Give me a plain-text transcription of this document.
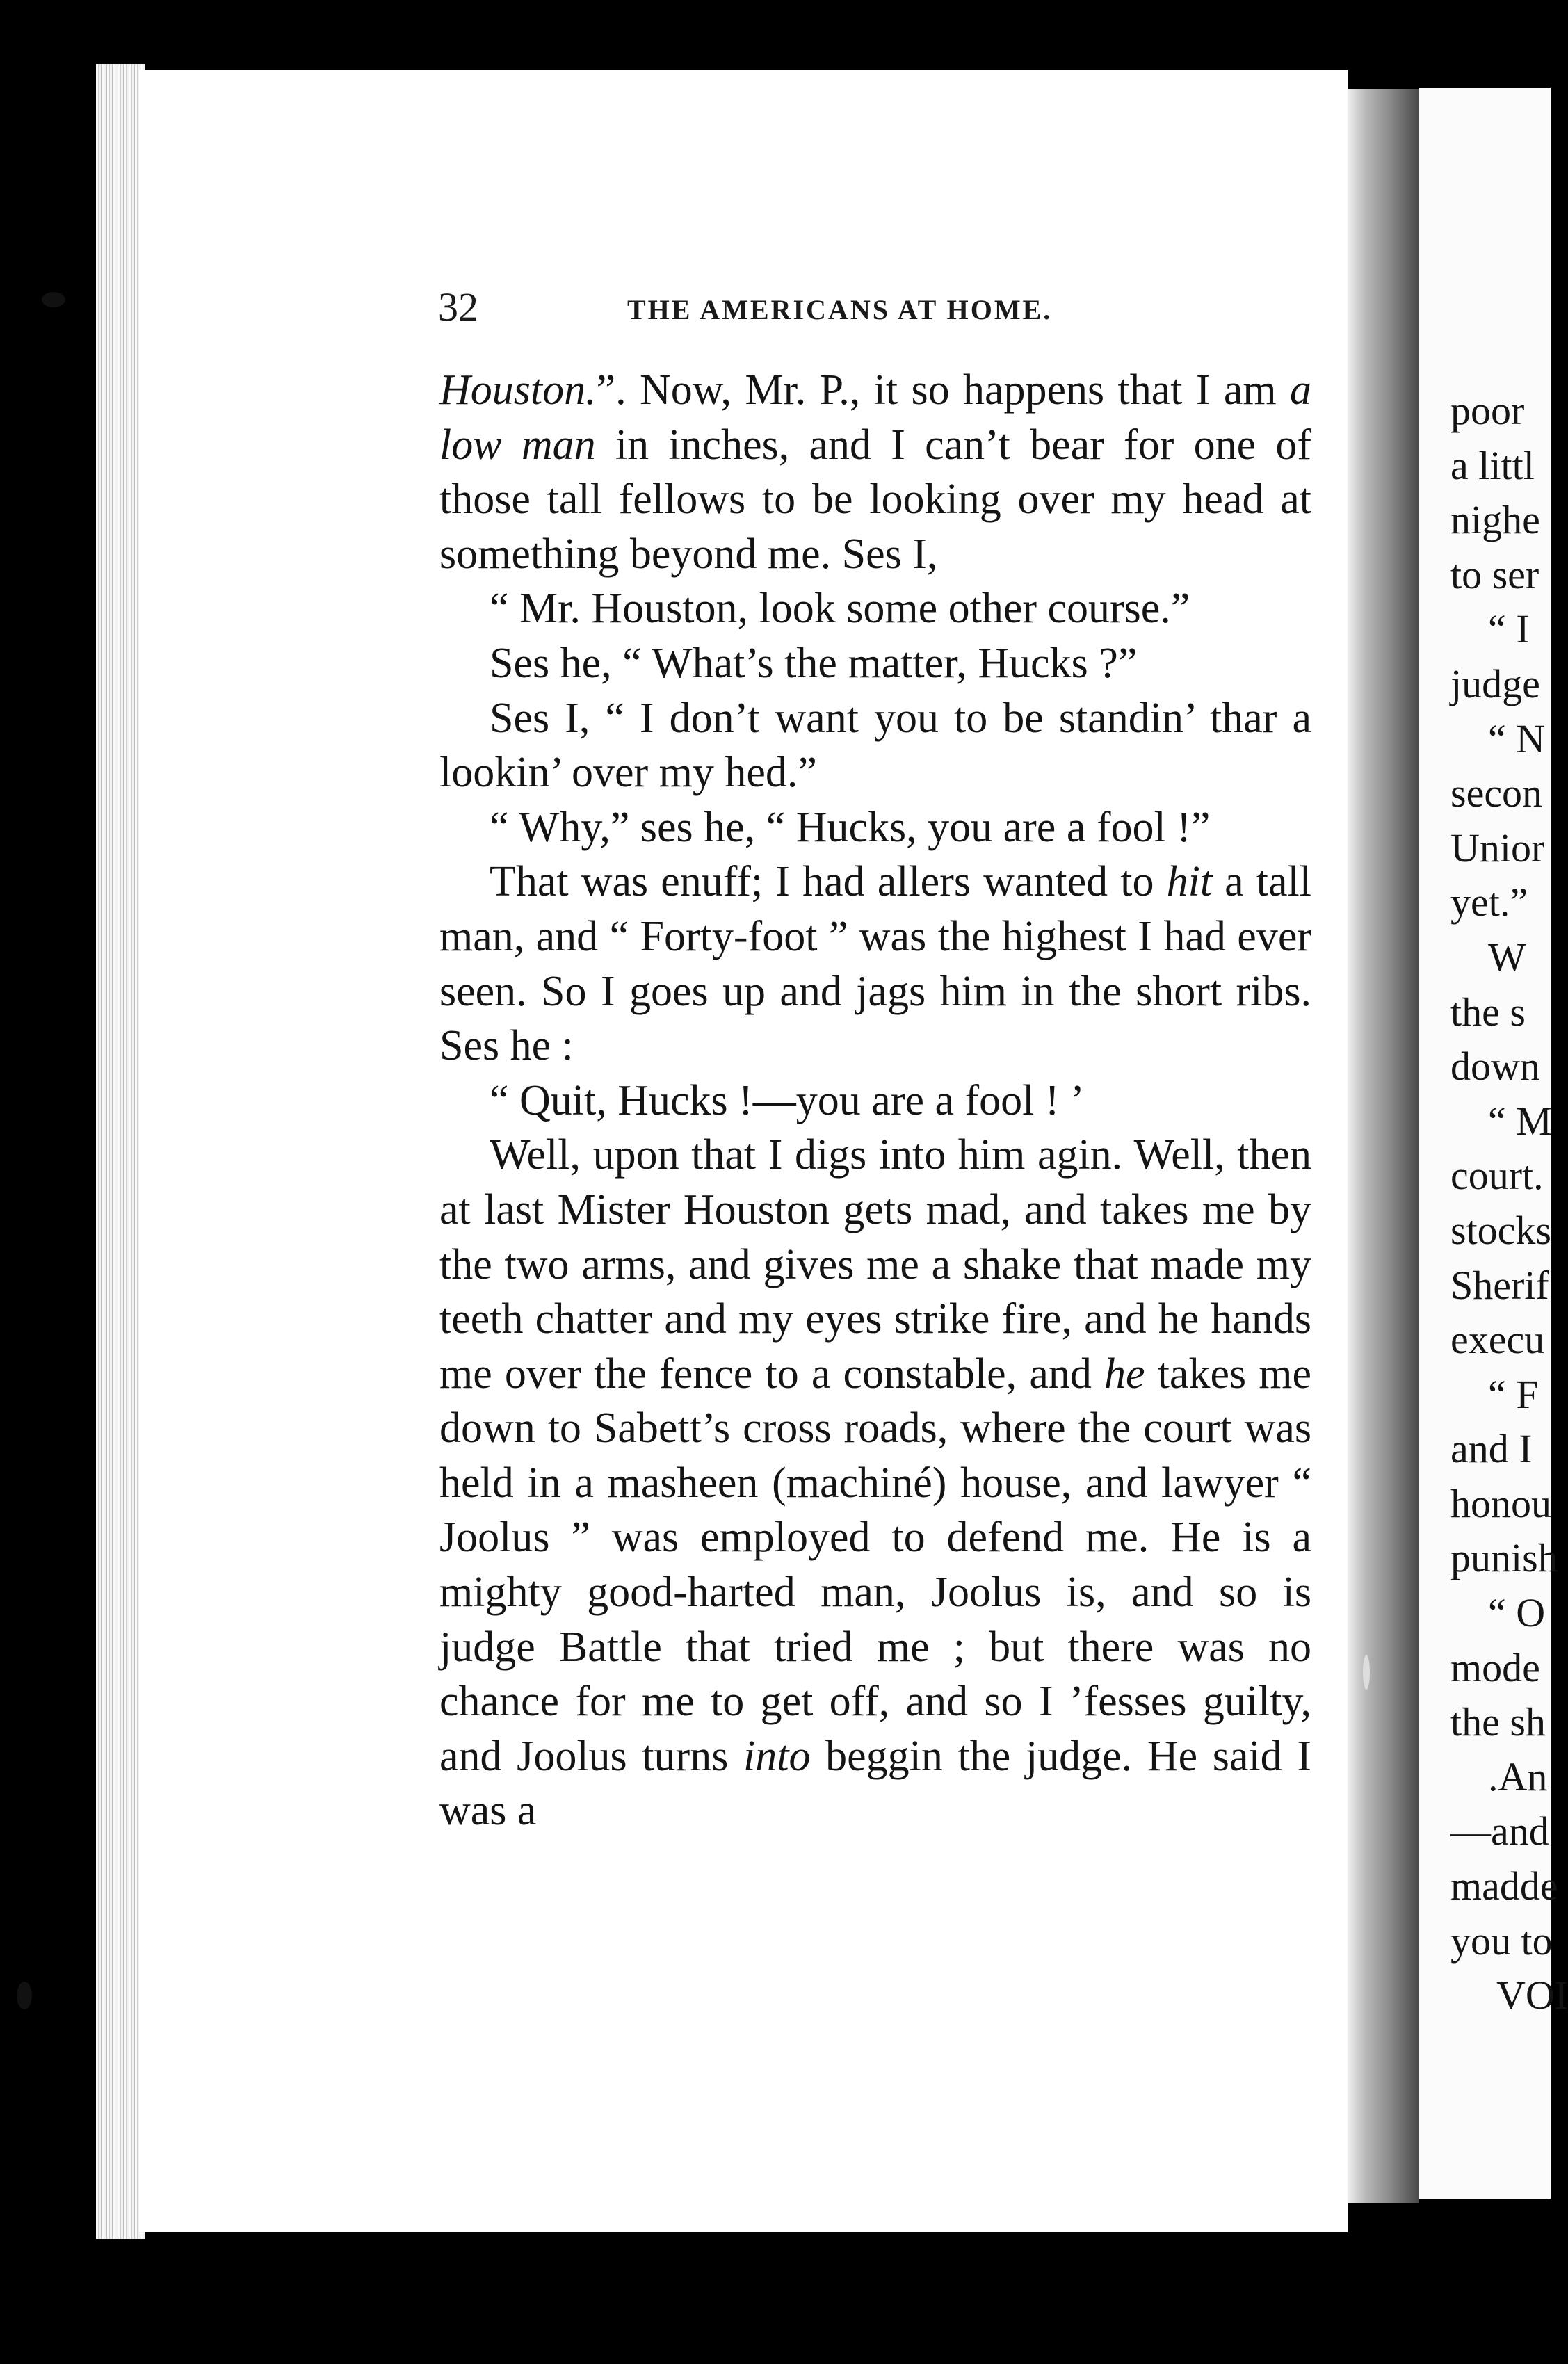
32	THE AMERICANS AT HOME.

Houston.”. Now, Mr. P., it so happens that I am a low man in inches, and I can’t bear for one of those tall fellows to be looking over my head at something beyond me. Ses I,

“ Mr. Houston, look some other course.”

Ses he, “ What’s the matter, Hucks ?”

Ses I, “ I don’t want you to be standin’ thar a lookin’ over my hed.”

“ Why,” ses he, “ Hucks, you are a fool !”

That was enuff; I had allers wanted to hit a tall man, and “ Forty-foot ” was the highest I had ever seen. So I goes up and jags him in the short ribs. Ses he :

“ Quit, Hucks !—you are a fool ! ’

Well, upon that I digs into him agin. Well, then at last Mister Houston gets mad, and takes me by the two arms, and gives me a shake that made my teeth chatter and my eyes strike fire, and he hands me over the fence to a constable, and he takes me down to Sabett’s cross roads, where the court was held in a masheen (machiné) house, and lawyer “ Joolus ” was employed to defend me. He is a mighty good-harted man, Joolus is, and so is judge Battle that tried me ; but there was no chance for me to get off, and so I ’fesses guilty, and Joolus turns into beggin the judge. He said I was a

poor
a littl
nighe
to ser
“ I
judge
“ N
secon
Unior
yet.”
W
the s
down
“ M
court.
stocks
Sherif
execu
“ F
and I
honou
punish
“ O
mode
the sh
.An
—and
madde
you to
VOI
